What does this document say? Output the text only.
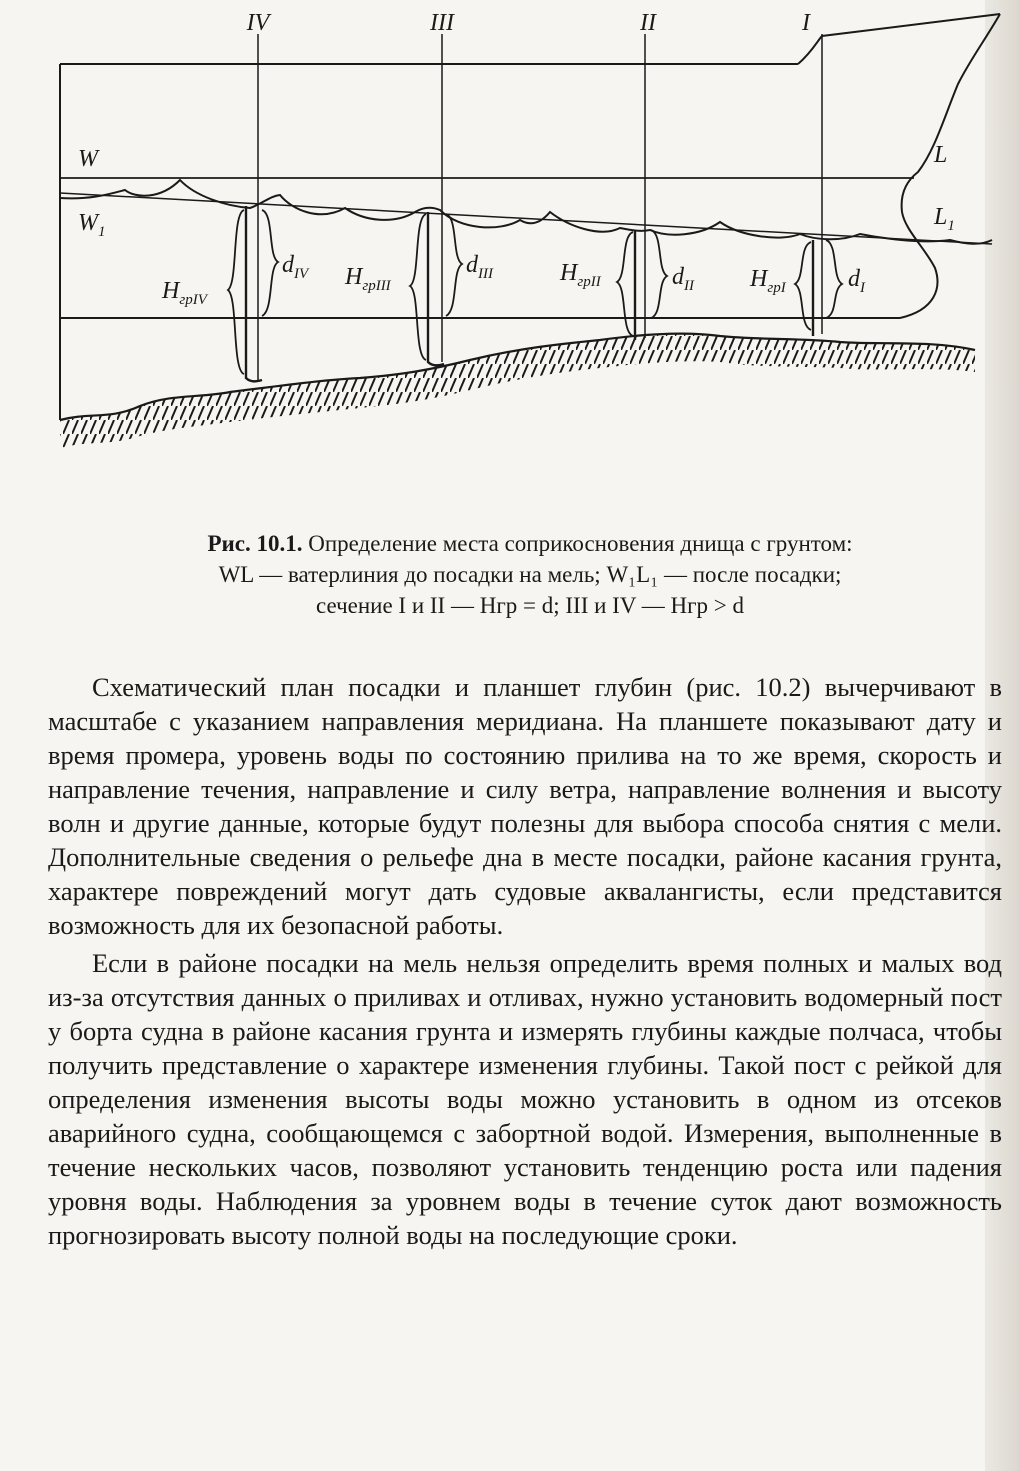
IV	III	II	I
W
$W_1$
L
$L_1$
$H_{грIV}$
$d_{IV}$ $H_{грIII}$
$d_{III}$	$H_{грII}$	$d_{II}$ $H_{грI}$	$d_I$
Рис. 10.1. Определение места соприкосновения днища с грунтом:
WL — ватерлиния до посадки на мель; W₁L₁ — после посадки;
сечение I и II — Hгр = d; III и IV — Hгр > d

Схематический план посадки и планшет глубин (рис. 10.2) вычерчивают в масштабе с указанием направления меридиана. На планшете показывают дату и время промера, уровень воды по состоянию прилива на то же время, скорость и направление течения, направление и силу ветра, направление волнения и высоту волн и другие данные, которые будут полезны для выбора способа снятия с мели. Дополнительные сведения о рельефе дна в месте посадки, районе касания грунта, характере повреждений могут дать судовые аквалангисты, если представится возможность для их безопасной работы.

Если в районе посадки на мель нельзя определить время полных и малых вод из-за отсутствия данных о приливах и отливах, нужно установить водомерный пост у борта судна в районе касания грунта и измерять глубины каждые полчаса, чтобы получить представление о характере изменения глубины. Такой пост с рейкой для определения изменения высоты воды можно установить в одном из отсеков аварийного судна, сообщающемся с забортной водой. Измерения, выполненные в течение нескольких часов, позволяют установить тенденцию роста или падения уровня воды. Наблюдения за уровнем воды в течение суток дают возможность прогнозировать высоту полной воды на последующие сроки.
